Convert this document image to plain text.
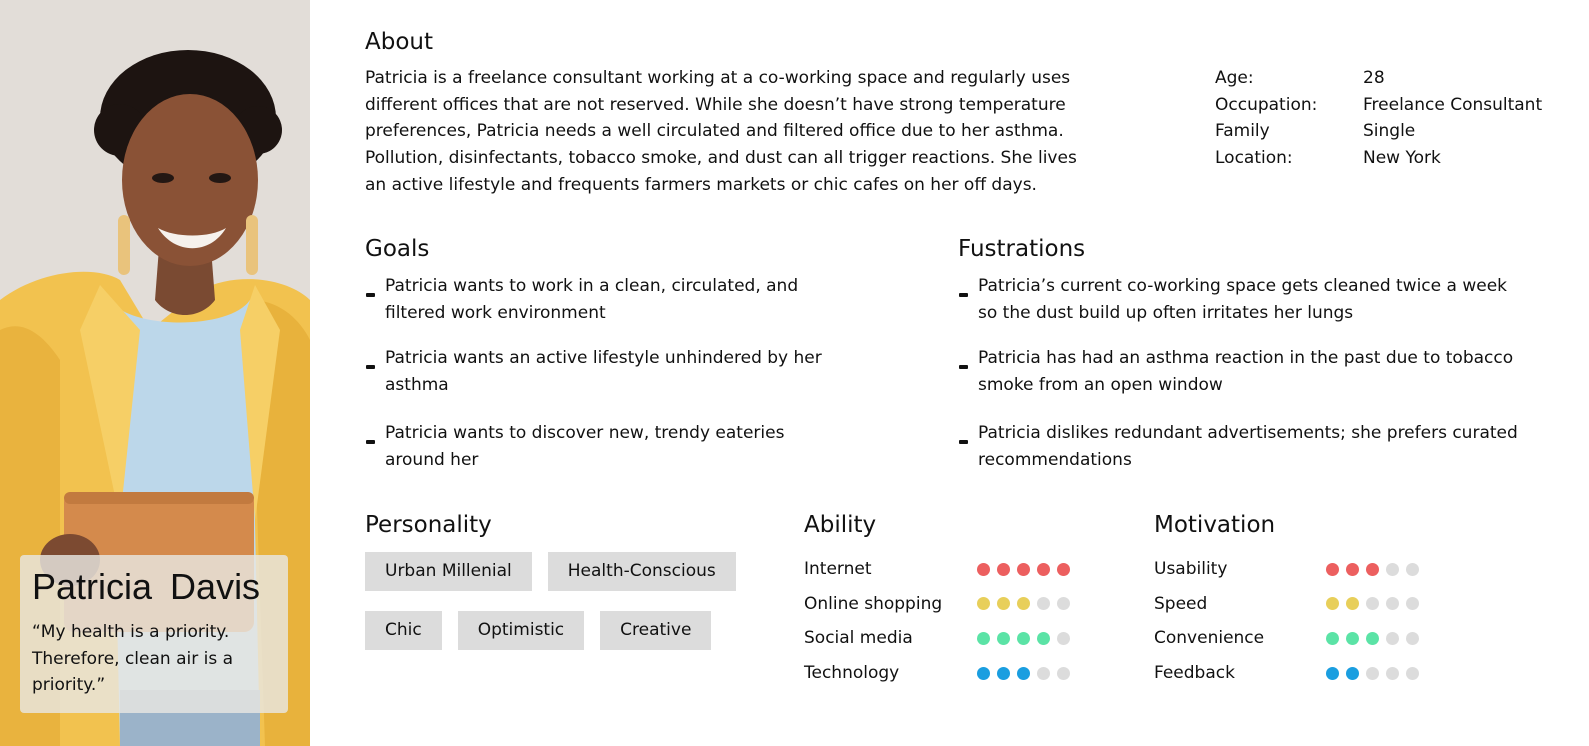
Patricia Davis
“My health is a priority. Therefore, clean air is a priority.”
About
Patricia is a freelance consultant working at a co-working space and regularly uses different offices that are not reserved. While she doesn’t have strong temperature preferences, Patricia needs a well circulated and filtered office due to her asthma. Pollution, disinfectants, tobacco smoke, and dust can all trigger reactions. She lives an active lifestyle and frequents farmers markets or chic cafes on her off days.
Age:	28
Occupation:	Freelance Consultant
Family	Single
Location:	New York
Goals
Patricia wants to work in a clean, circulated, and filtered work environment
Patricia wants an active lifestyle unhindered by her asthma
Patricia wants to discover new, trendy eateries around her
Fustrations
Patricia’s current co-working space gets cleaned twice a week so the dust build up often irritates her lungs
Patricia has had an asthma reaction in the past due to tobacco smoke from an open window
Patricia dislikes redundant advertisements; she prefers curated recommendations
Personality
Urban Millenial	Health-Conscious
Chic	Optimistic	Creative
Ability
Internet
Online shopping
Social media
Technology
Motivation
Usability
Speed
Convenience
Feedback
